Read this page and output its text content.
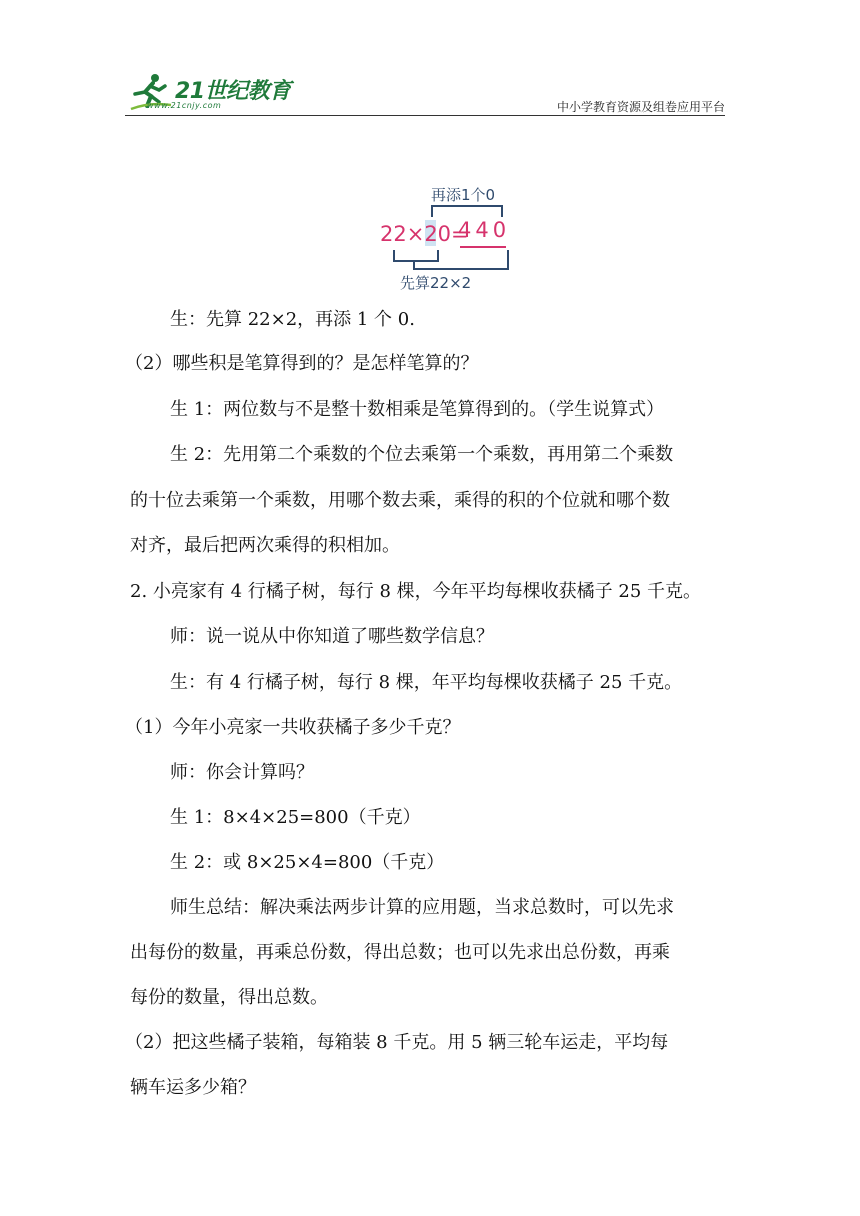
21世纪教育
www.21cnjy.com	中小学教育资源及组卷应用平台
再添1个0
22×20=
440
先算22×2
生：先算 22×2，再添 1 个 0.
（2）哪些积是笔算得到的？是怎样笔算的？
生 1：两位数与不是整十数相乘是笔算得到的。（学生说算式）
生 2：先用第二个乘数的个位去乘第一个乘数，再用第二个乘数
的十位去乘第一个乘数，用哪个数去乘，乘得的积的个位就和哪个数
对齐，最后把两次乘得的积相加。
2. 小亮家有 4 行橘子树，每行 8 棵，今年平均每棵收获橘子 25 千克。
师：说一说从中你知道了哪些数学信息？
生：有 4 行橘子树，每行 8 棵，年平均每棵收获橘子 25 千克。
（1）今年小亮家一共收获橘子多少千克？
师：你会计算吗？
生 1：8×4×25=800（千克）
生 2：或 8×25×4=800（千克）
师生总结：解决乘法两步计算的应用题，当求总数时，可以先求
出每份的数量，再乘总份数，得出总数；也可以先求出总份数，再乘
每份的数量，得出总数。
（2）把这些橘子装箱，每箱装 8 千克。用 5 辆三轮车运走，平均每
辆车运多少箱？
